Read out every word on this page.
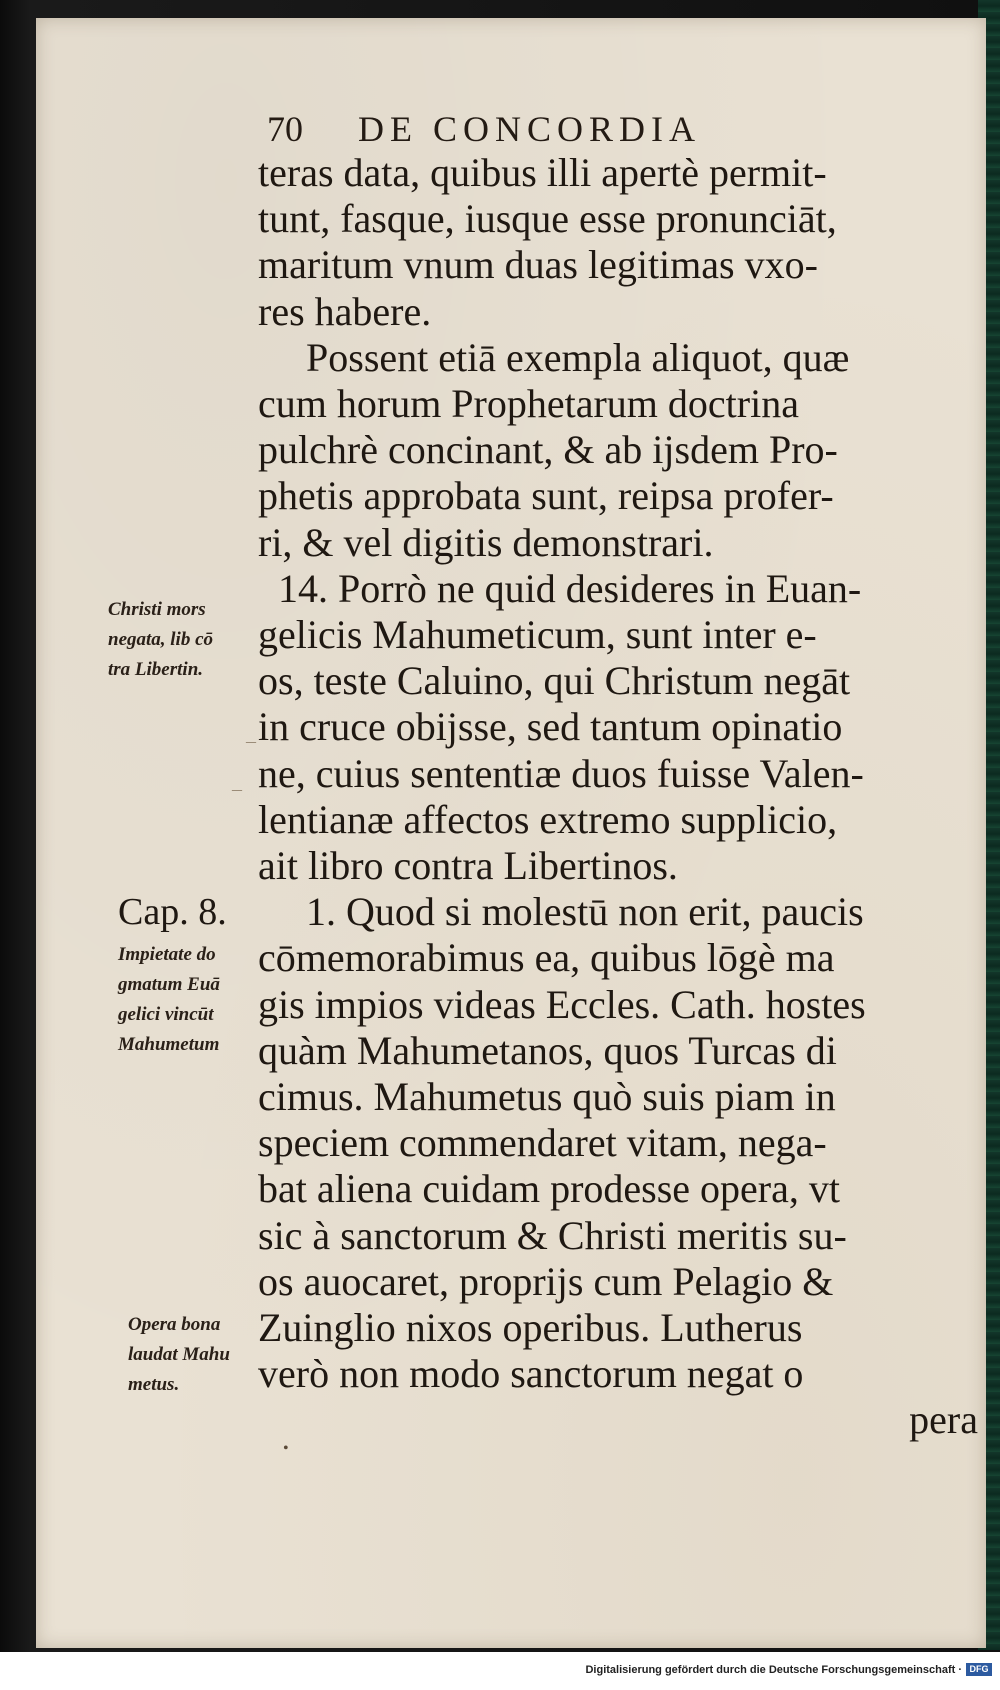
70 DE CONCORDIA
teras data, quibus illi apertè permit-
tunt, fasque, iusque esse pronunciāt,
maritum vnum duas legitimas vxo-
res habere.
Possent etiā exempla aliquot, quæ
cum horum Prophetarum doctrina
pulchrè concinant, & ab ijsdem Pro-
phetis approbata sunt, reipsa profer-
ri, & vel digitis demonstrari.
14. Porrò ne quid desideres in Euan-
gelicis Mahumeticum, sunt inter e-
os, teste Caluino, qui Christum negāt
in cruce obijsse, sed tantum opinatio
ne, cuius sententiæ duos fuisse Valen-
lentianæ affectos extremo supplicio,
ait libro contra Libertinos.
1. Quod si molestū non erit, paucis
cōmemorabimus ea, quibus lōgè ma
gis impios videas Eccles. Cath. hostes
quàm Mahumetanos, quos Turcas di
cimus. Mahumetus quò suis piam in
speciem commendaret vitam, nega-
bat aliena cuidam prodesse opera, vt
sic à sanctorum & Christi meritis su-
os auocaret, proprijs cum Pelagio &
Zuinglio nixos operibus. Lutherus
verò non modo sanctorum negat o
pera
Christi mors
negata, lib cō
tra Libertin.
Cap. 8.
Impietate do
gmatum Euā
gelici vincūt
Mahumetum
Opera bona
laudat Mahu
metus.
–
–
•
Digitalisierung gefördert durch die Deutsche Forschungsgemeinschaft · DFG
